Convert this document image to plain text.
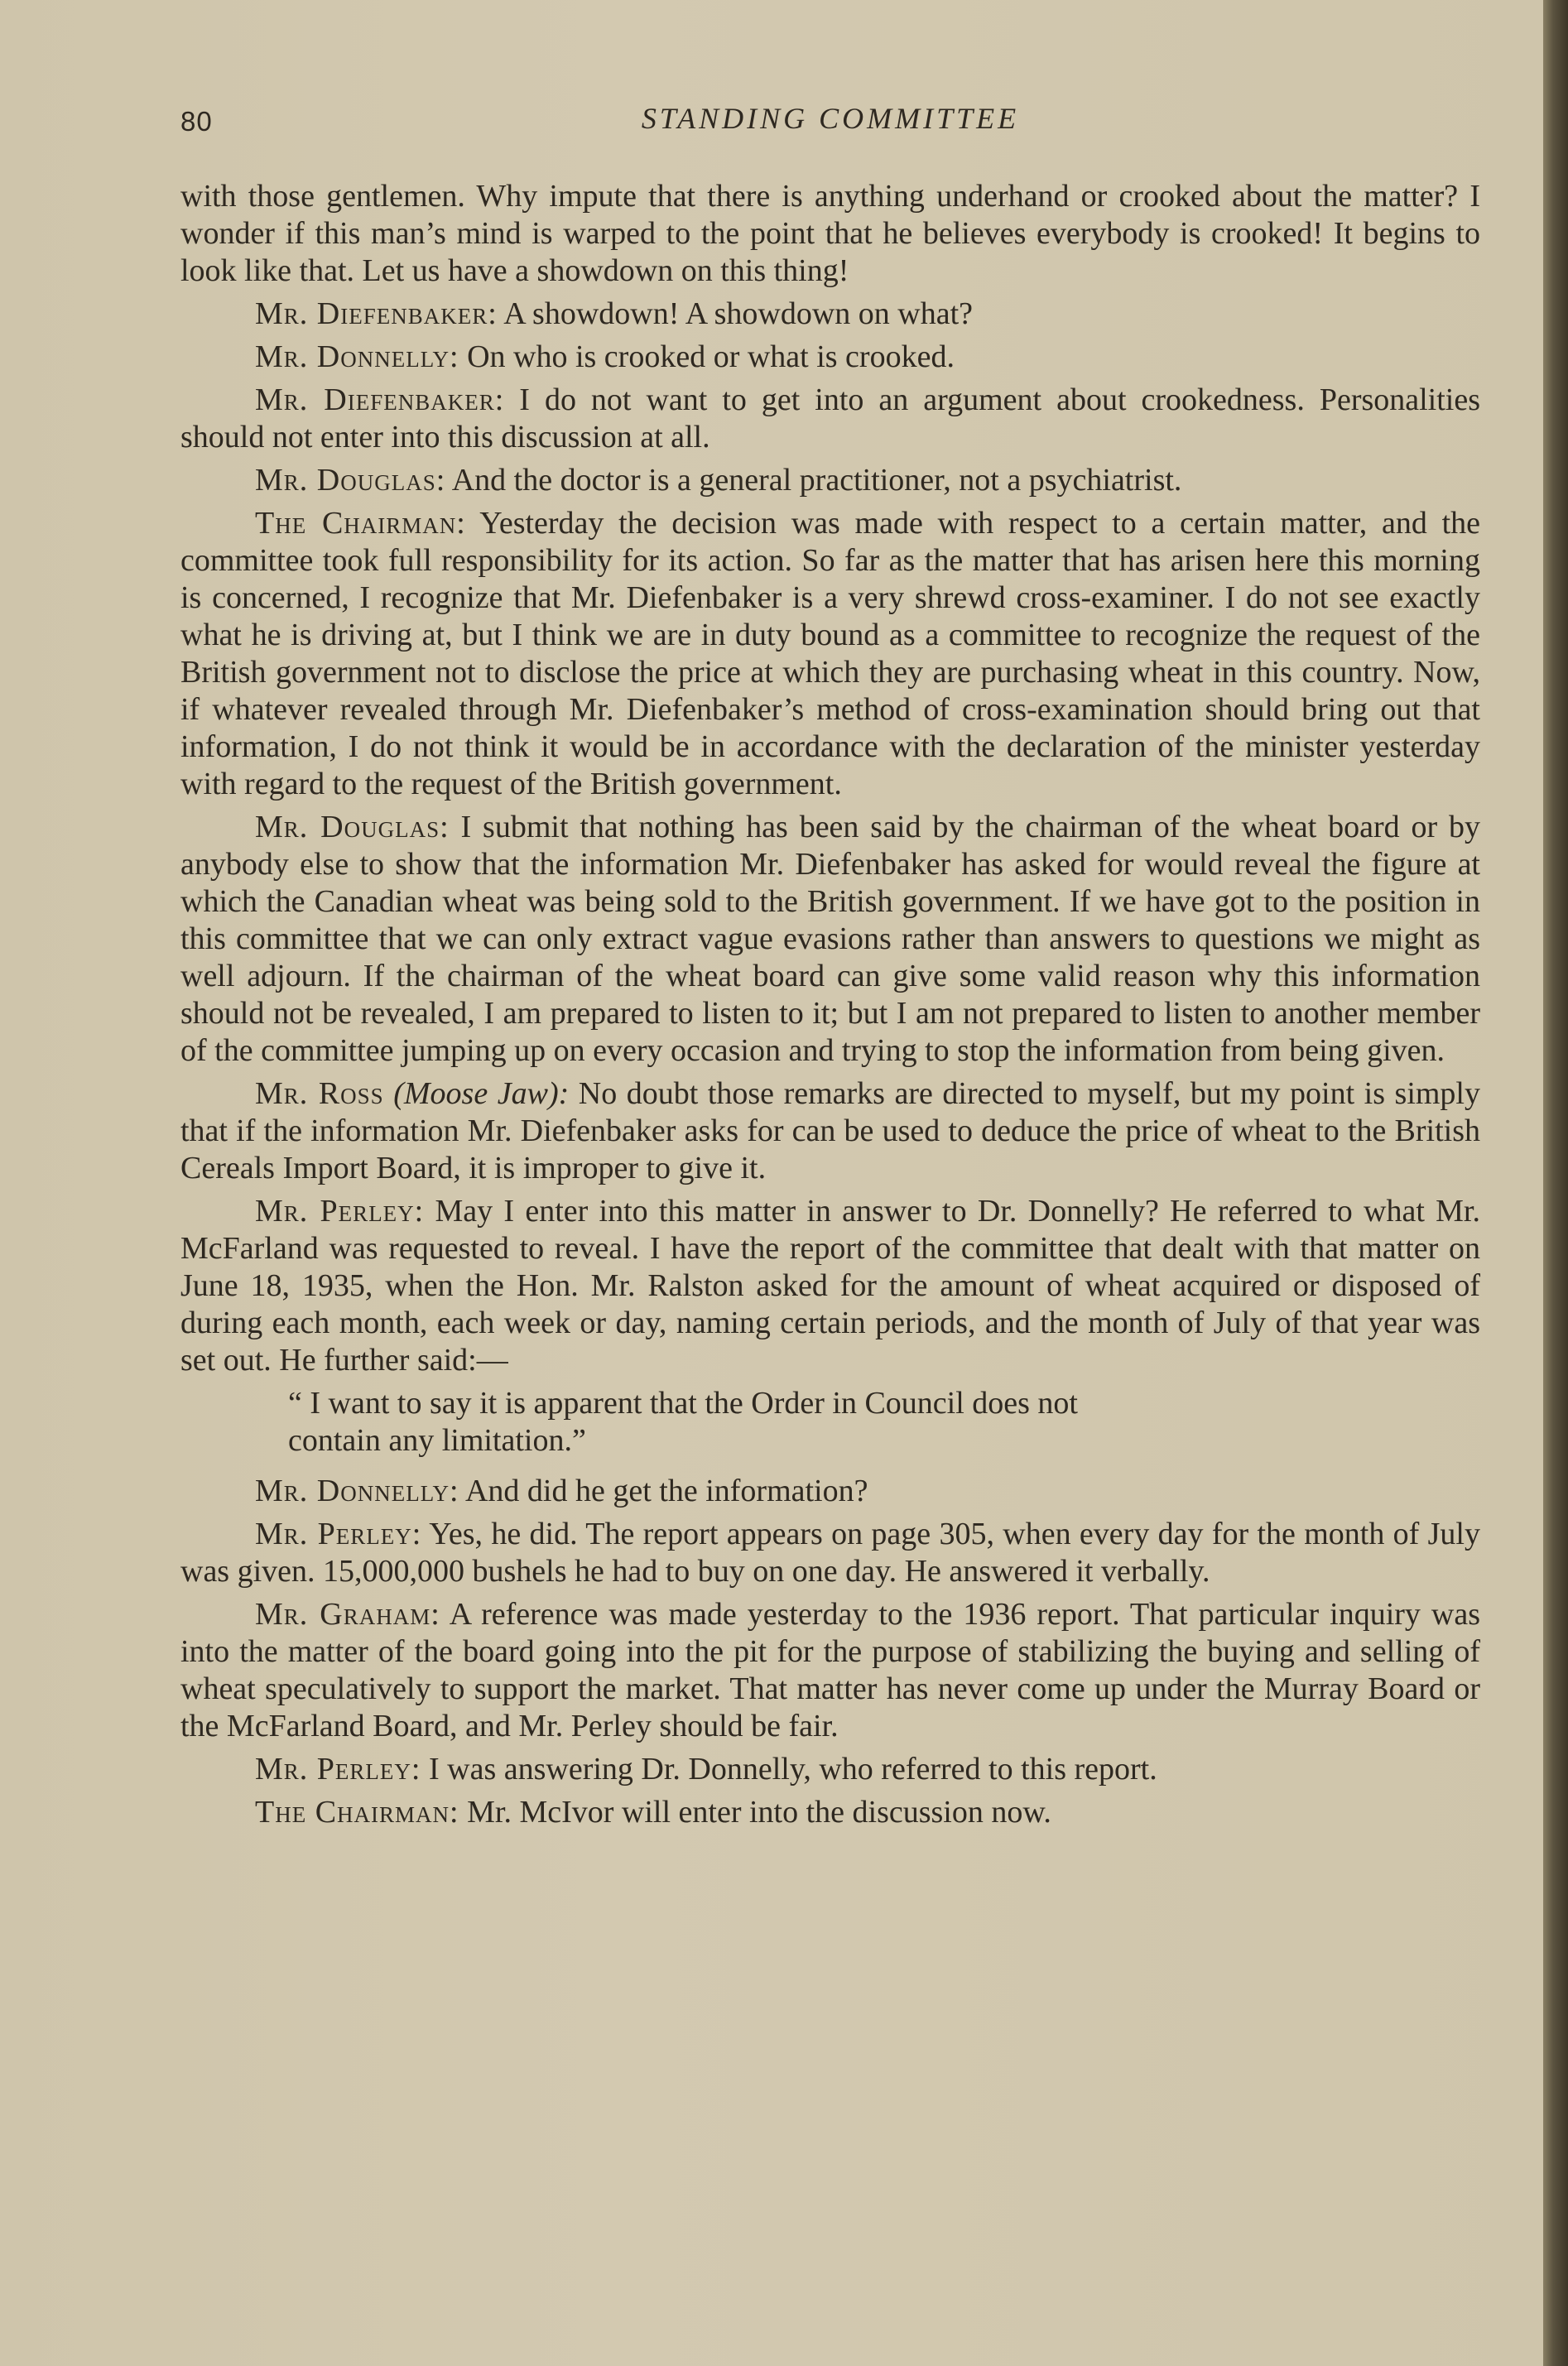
80	STANDING COMMITTEE

with those gentlemen. Why impute that there is anything underhand or crooked about the matter? I wonder if this man’s mind is warped to the point that he believes everybody is crooked! It begins to look like that. Let us have a showdown on this thing!

Mr. Diefenbaker: A showdown! A showdown on what?

Mr. Donnelly: On who is crooked or what is crooked.

Mr. Diefenbaker: I do not want to get into an argument about crookedness. Personalities should not enter into this discussion at all.

Mr. Douglas: And the doctor is a general practitioner, not a psychiatrist.

The Chairman: Yesterday the decision was made with respect to a certain matter, and the committee took full responsibility for its action. So far as the matter that has arisen here this morning is concerned, I recognize that Mr. Diefenbaker is a very shrewd cross-examiner. I do not see exactly what he is driving at, but I think we are in duty bound as a committee to recognize the request of the British government not to disclose the price at which they are purchasing wheat in this country. Now, if whatever revealed through Mr. Diefenbaker’s method of cross-examination should bring out that information, I do not think it would be in accordance with the declaration of the minister yesterday with regard to the request of the British government.

Mr. Douglas: I submit that nothing has been said by the chairman of the wheat board or by anybody else to show that the information Mr. Diefenbaker has asked for would reveal the figure at which the Canadian wheat was being sold to the British government. If we have got to the position in this committee that we can only extract vague evasions rather than answers to questions we might as well adjourn. If the chairman of the wheat board can give some valid reason why this information should not be revealed, I am prepared to listen to it; but I am not prepared to listen to another member of the committee jumping up on every occasion and trying to stop the information from being given.

Mr. Ross (Moose Jaw): No doubt those remarks are directed to myself, but my point is simply that if the information Mr. Diefenbaker asks for can be used to deduce the price of wheat to the British Cereals Import Board, it is improper to give it.

Mr. Perley: May I enter into this matter in answer to Dr. Donnelly? He referred to what Mr. McFarland was requested to reveal. I have the report of the committee that dealt with that matter on June 18, 1935, when the Hon. Mr. Ralston asked for the amount of wheat acquired or disposed of during each month, each week or day, naming certain periods, and the month of July of that year was set out. He further said:—

“ I want to say it is apparent that the Order in Council does not
contain any limitation.”

Mr. Donnelly: And did he get the information?

Mr. Perley: Yes, he did. The report appears on page 305, when every day for the month of July was given. 15,000,000 bushels he had to buy on one day. He answered it verbally.

Mr. Graham: A reference was made yesterday to the 1936 report. That particular inquiry was into the matter of the board going into the pit for the purpose of stabilizing the buying and selling of wheat speculatively to support the market. That matter has never come up under the Murray Board or the McFarland Board, and Mr. Perley should be fair.

Mr. Perley: I was answering Dr. Donnelly, who referred to this report.

The Chairman: Mr. McIvor will enter into the discussion now.
